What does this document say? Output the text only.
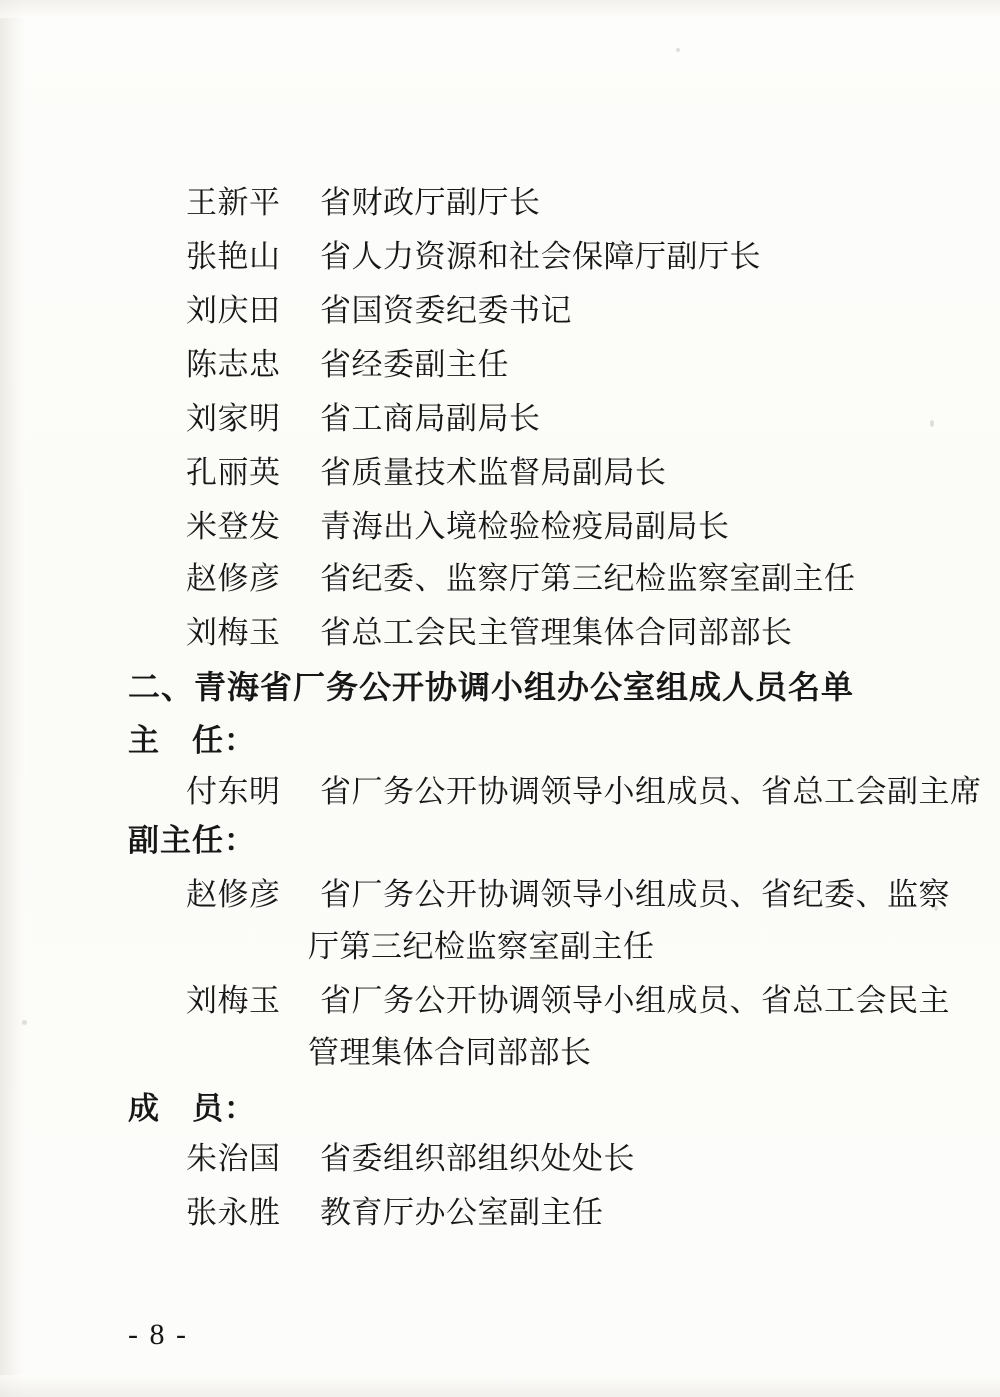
王新平 省财政厅副厅长
张艳山 省人力资源和社会保障厅副厅长
刘庆田 省国资委纪委书记
陈志忠 省经委副主任
刘家明 省工商局副局长
孔丽英 省质量技术监督局副局长
米登发 青海出入境检验检疫局副局长
赵修彦 省纪委、监察厅第三纪检监察室副主任
刘梅玉 省总工会民主管理集体合同部部长
二、青海省厂务公开协调小组办公室组成人员名单
主　任：
付东明 省厂务公开协调领导小组成员、省总工会副主席
副主任：
赵修彦 省厂务公开协调领导小组成员、省纪委、监察
厅第三纪检监察室副主任
刘梅玉 省厂务公开协调领导小组成员、省总工会民主
管理集体合同部部长
成　员：
朱治国 省委组织部组织处处长
张永胜 教育厅办公室副主任
- 8 -
